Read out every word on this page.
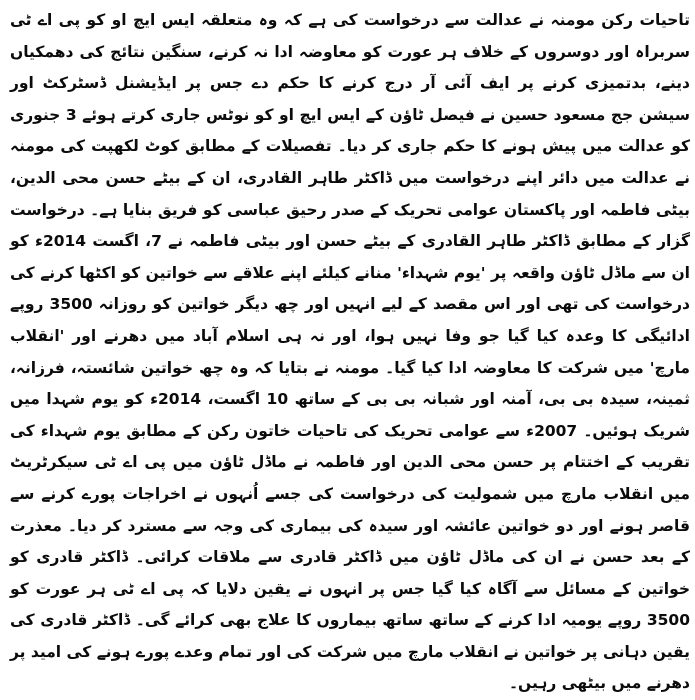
تاحیات رکن مومنہ نے عدالت سے درخواست کی ہے کہ وہ متعلقہ ایس ایچ او کو پی اے ٹی سربراہ اور دوسروں کے خلاف ہر عورت کو معاوضہ ادا نہ کرنے، سنگین نتائج کی دھمکیاں دینے، بدتمیزی کرنے پر ایف آئی آر درج کرنے کا حکم دے جس پر ایڈیشنل ڈسٹرکٹ اور سیشن جج مسعود حسین نے فیصل ٹاؤن کے ایس ایچ او کو نوٹس جاری کرتے ہوئے 3 جنوری کو عدالت میں پیش ہونے کا حکم جاری کر دیا۔ تفصیلات کے مطابق کوٹ لکھپت کی مومنہ نے عدالت میں دائر اپنے درخواست میں ڈاکٹر طاہر القادری، ان کے بیٹے حسن محی الدین، بیٹی فاطمہ اور پاکستان عوامی تحریک کے صدر رحیق عباسی کو فریق بنایا ہے۔ درخواست گزار کے مطابق ڈاکٹر طاہر القادری کے بیٹے حسن اور بیٹی فاطمہ نے 7، اگست 2014ء کو ان سے ماڈل ٹاؤن واقعہ پر 'یوم شہداء' منانے کیلئے اپنے علاقے سے خواتین کو اکٹھا کرنے کی درخواست کی تھی اور اس مقصد کے لیے انہیں اور چھ دیگر خواتین کو روزانہ 3500 روپے ادائیگی کا وعدہ کیا گیا جو وفا نہیں ہوا، اور نہ ہی اسلام آباد میں دھرنے اور 'انقلاب مارچ' میں شرکت کا معاوضہ ادا کیا گیا۔ مومنہ نے بتایا کہ وہ چھ خواتین شائستہ، فرزانہ، ثمینہ، سیدہ بی بی، آمنہ اور شبانہ بی بی کے ساتھ 10 اگست، 2014ء کو یوم شہدا میں شریک ہوئیں۔ 2007ء سے عوامی تحریک کی تاحیات خاتون رکن کے مطابق یوم شہداء کی تقریب کے اختتام پر حسن محی الدین اور فاطمہ نے ماڈل ٹاؤن میں پی اے ٹی سیکرٹریٹ میں انقلاب مارچ میں شمولیت کی درخواست کی جسے اُنہوں نے اخراجات پورے کرنے سے قاصر ہونے اور دو خواتین عائشہ اور سیدہ کی بیماری کی وجہ سے مسترد کر دیا۔ معذرت کے بعد حسن نے ان کی ماڈل ٹاؤن میں ڈاکٹر قادری سے ملاقات کرائی۔ ڈاکٹر قادری کو خواتین کے مسائل سے آگاہ کیا گیا جس پر انہوں نے یقین دلایا کہ پی اے ٹی ہر عورت کو 3500 روپے یومیہ ادا کرنے کے ساتھ ساتھ بیماروں کا علاج بھی کرائے گی۔ ڈاکٹر قادری کی یقین دہانی پر خواتین نے انقلاب مارچ میں شرکت کی اور تمام وعدے پورے ہونے کی امید پر دھرنے میں بیٹھی رہیں۔
